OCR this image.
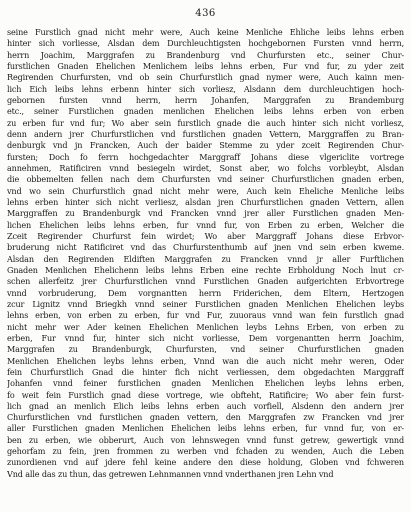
436
seine Furstlich gnad nicht mehr were, Auch keine Menliche Ehliche leibs lehns erben
hinter sich vorliesse, Alsdan dem Durchleuchtigsten hochgebornen Fursten vnnd herrn,
herrn Joachim, Marggrafen zu Brandenburg vnd Churfursten etc., seiner Chur-
furstlichen Gnaden Ehelichen Menlichem leibs lehns erben, Fur vnd fur, zu yder zeit
Regirenden Churfursten, vnd ob sein Churfurstlich gnad nymer were, Auch kainn men-
lich Eich leibs lehns erbenn hinter sich vorliesz, Alsdann dem durchleuchtigen hoch-
gebornen fursten vnnd herrn, herrn Johanfen, Marggrafen zu Brandemburg
etc., seiner Furstlichen gnaden menlichen Ehelichen leibs lehns erben von erben
zu erben fur vnd fur; Wo aber sein furstlich gnade die auch hinter sich nicht vorliesz,
denn andern jrer Churfurstlichen vnd furstlichen gnaden Vettern, Marggraffen zu Bran-
denburgk vnd jn Francken, Auch der baider Stemme zu yder zceit Regirenden Chur-
fursten; Doch fo ferrn hochgedachter Marggraff Johans diese vlgericlite vortrege
annehmen, Ratificiren vnnd besiegeln wirdet, Sonst aber, wo folchs vorbleybt, Alsdan
die obbemelten fellen nach dem Churfursten vnd seiner Churfurstlichen gnaden erben,
vnd wo sein Churfurstlich gnad nicht mehr were, Auch kein Eheliche Menliche leibs
lehns erben hinter sich nicht verliesz, alsdan jren Churfurstlichen gnaden Vettern, allen
Marggraffen zu Brandenburgk vnd Francken vnnd jrer aller Furstlichen gnaden Men-
lichen Ehelichen leibs lehns erben, fur vnnd fur, von Erben zu erben, Welcher die
Zceit Regirender Churfurst fein wirdet; Wo aber Marggraff Johans diese Erbvor-
bruderung nicht Ratificiret vnd das Churfurstenthumb auf jnen vnd sein erben kweme.
Alsdan den Regirenden Eldiften Marggrafen zu Francken vnnd jr aller Furftlichen
Gnaden Menlichen Ehelichenn leibs lehns Erben eine rechte Erbholdung Noch lnut cr-
schen allerfeitz jrer Churfurstlichen vnnd Furstlichen Gnaden aufgerichten Erbvortrege
vnnd vorbruderung, Dem vorgnantten herrn Friderichen, dem Eltern, Hertzogen
zcur Lignitz vnnd Briegkh vnnd seiner Furstlichen gnaden Menlichen Ehelichen leybs
lehns erben, von erben zu erben, fur vnd Fur, zuuoraus vnnd wan fein furstlich gnad
nicht mehr wer Ader keinen Ehelichen Menlichen leybs Lehns Erben, von erben zu
erben, Fur vnnd fur, hinter sich nicht vorliesse, Dem vorgenantten herrn Joachim,
Marggrafen zu Brandenburgk, Churfursten, vnd seiner Churfurstlichen gnaden
Menlichen Ehelichen leybs lehns erben, Vnnd wan die auch nicht mehr weren, Oder
fein Churfurstlich Gnad die hinter fich nicht verliessen, dem obgedachten Marggraff
Johanfen vnnd feiner furstlichen gnaden Menlichen Ehelichen leybs lehns erben,
fo weit fein Furstlich gnad diese vortrege, wie obfteht, Ratificire; Wo aber fein furst-
lich gnad an menlich Elich leibs lehns erben auch vorfiell, Alsdenn den andern jrer
Churfurstlichen vnd furstlichen gnaden vettern, den Marggrafen zw Francken vnd jrer
aller Furstlichen gnaden Menlichen Ehelichen leibs lehns erben, fur vnnd fur, von er-
ben zu erben, wie obberurt, Auch von lehnswegen vnnd funst getrew, gewertigk vnnd
gehorfam zu fein, jren frommen zu werben vnd fchaden zu wenden, Auch die Leben
zunordienen vnd auf jdere fehl keine andere den diese holdung, Globen vnd fchweren
Vnd alle das zu thun, das getrewen Lehnmannen vnnd vnderthanen jren Lehn vnd
